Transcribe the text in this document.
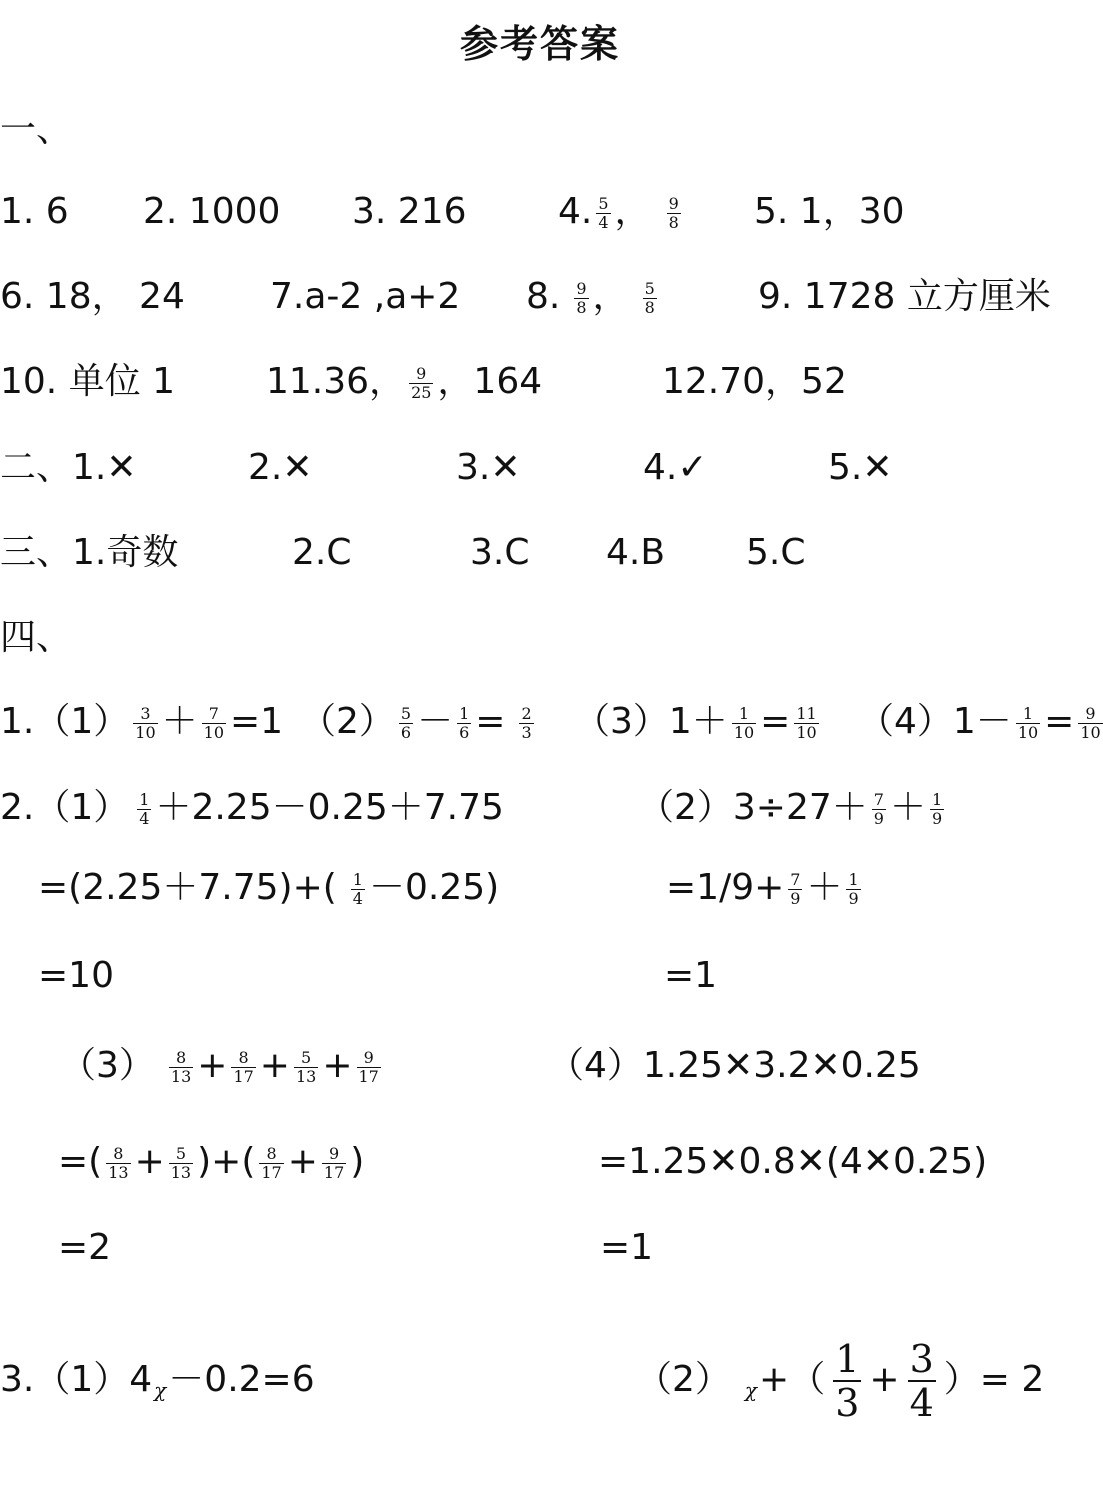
参考答案
一、
1. 6 2. 1000 3. 216	4. $\frac{5}{4}$ ， $\frac{9}{8} 5$. 1，30
6. 18， 24 7.a-2 ,a+2 8. $\frac{9}{8}$ ， $\frac{5}{8}$	9. 1728 立方厘米
10. 单位 1	11.36， $\frac{9}{25}$ ，164	12.70，52
二、1.✕	2.✕	3.✕	4.✓	5.✕
三、1.奇数	2.C	3.C 4.B 5.C
四、
$1.(1) \frac{3}{10} + \frac{7}{10} =1$ $(2) \frac{5}{6} - \frac{1}{6} = \frac{2}{3} (3)1+ \frac{1}{10} = \frac{11}{10} (4)1- \frac{1}{10} = \frac{9}{10}$
$2.(1) \frac{1}{4} +2.25-0.25+7.75$	$(2)3\div 27+ \frac{7}{9} + \frac{1}{9}$
$=(2.25+7.75)+( \frac{1}{4} -0.25)$	$=1/9+ \frac{7}{9} + \frac{1}{9}$
=10	=1
$(3) \frac{8}{13} + \frac{8}{17} + \frac{5}{13} + \frac{9}{17}$	（4）1.25✕3.2✕0.25
=( $\frac{8}{13} + \frac{5}{13}$ )+( $\frac{8}{17} + \frac{9}{17}$ )	=1.25✕0.8✕(4✕0.25)
=2	=1
3.（1）4 χ－0.2=6	（2） $\chi+( \frac{1}{3} + \frac{3}{4}$ ）= 2
